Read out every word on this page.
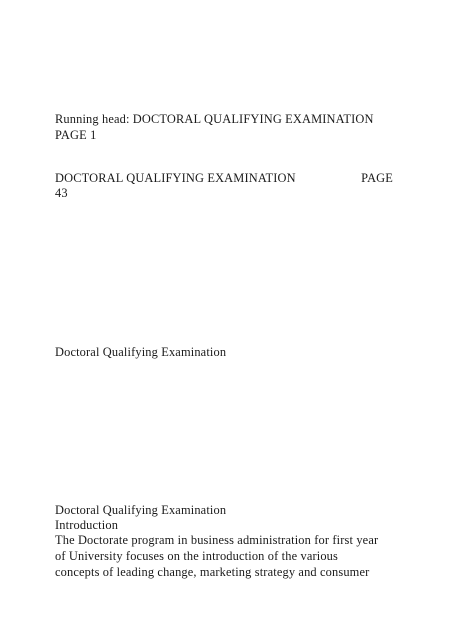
Running head: DOCTORAL QUALIFYING EXAMINATION
PAGE 1
DOCTORAL QUALIFYING EXAMINATION	PAGE
43
Doctoral Qualifying Examination
Doctoral Qualifying Examination
Introduction
The Doctorate program in business administration for first year
of University focuses on the introduction of the various
concepts of leading change, marketing strategy and consumer
